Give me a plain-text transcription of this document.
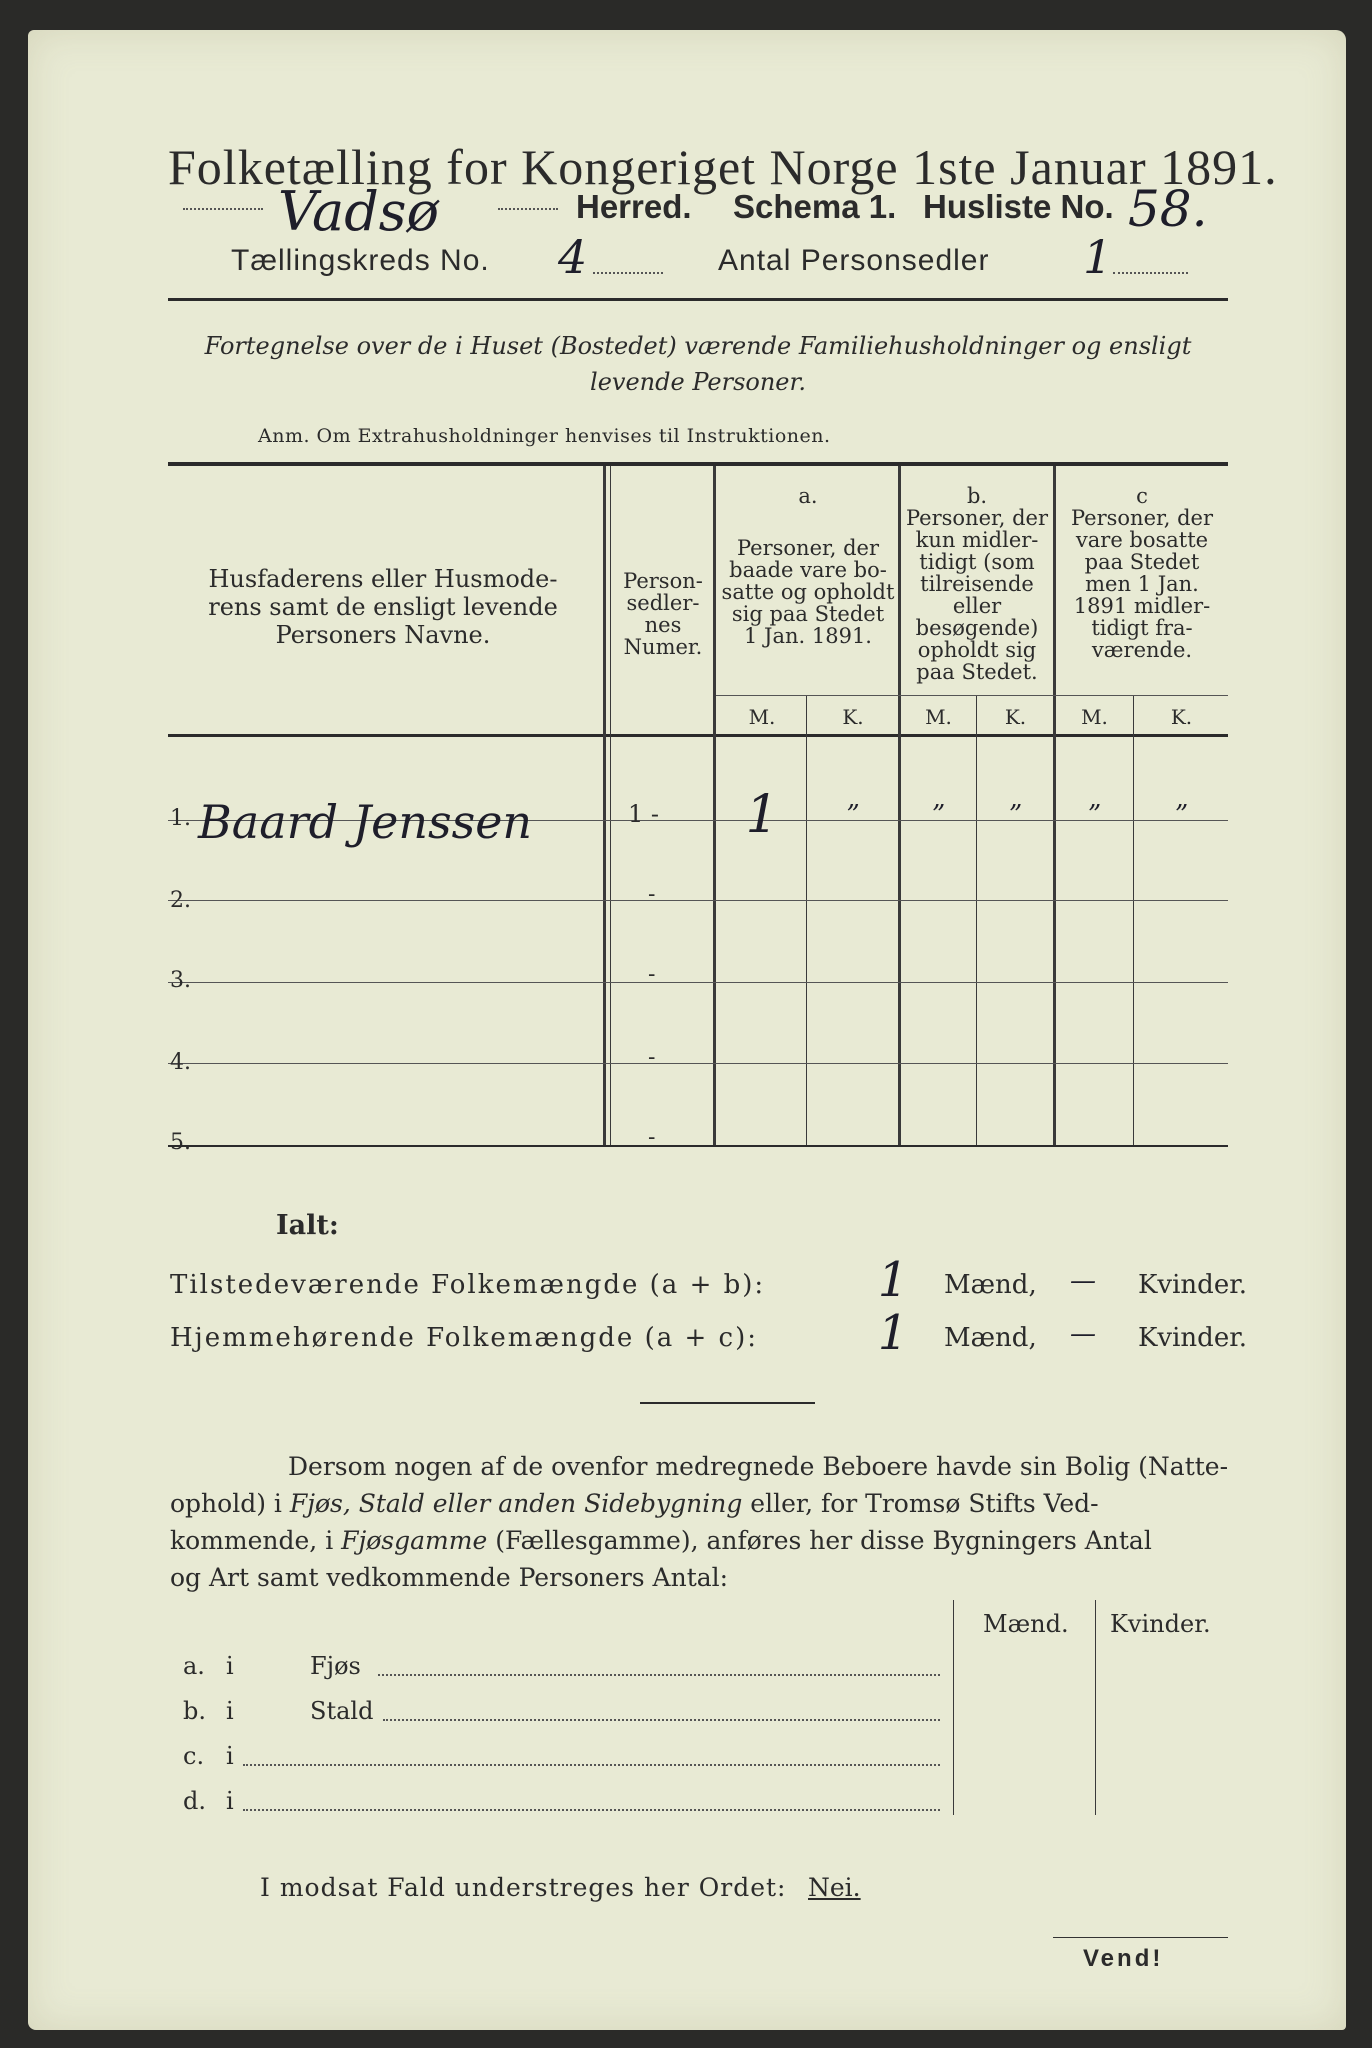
Folketælling for Kongeriget Norge 1ste Januar 1891.
Vadsø	Herred. Schema 1. Husliste No. 58.
Tællingskreds No. 4	Antal Personsedler 1
Fortegnelse over de i Huset (Bostedet) værende Familiehusholdninger og ensligt
levende Personer.
Anm. Om Extrahusholdninger henvises til Instruktionen.
Husfaderens eller Husmode-
rens samt de ensligt levende
Personers Navne.
Person-
sedler-
nes
Numer.
a.
Personer, der
baade vare bo-
satte og opholdt
sig paa Stedet
1 Jan. 1891.
b.
Personer, der
kun midler-
tidigt (som
tilreisende
eller
besøgende)
opholdt sig
paa Stedet.
c
Personer, der
vare bosatte
paa Stedet
men 1 Jan.
1891 midler-
tidigt fra-
værende.
M.	K.	M.	K.	M.	K.
1. Baard Jenssen	1 -	1	”	”	”	”	”
2.	-
3.	-
4.	-
5.	-
Ialt:
Tilstedeværende Folkemængde (a + b):	1	Mænd,	—	Kvinder.
Hjemmehørende Folkemængde (a + c):	1	Mænd,	—	Kvinder.
Dersom nogen af de ovenfor medregnede Beboere havde sin Bolig (Natte-
ophold) i Fjøs, Stald eller anden Sidebygning eller, for Tromsø Stifts Ved-
kommende, i Fjøsgamme (Fællesgamme), anføres her disse Bygningers Antal
og Art samt vedkommende Personers Antal:
Mænd. Kvinder.
a. i	Fjøs
b. i	Stald
c. i
d. i
I modsat Fald understreges her Ordet: Nei.
Vend!
